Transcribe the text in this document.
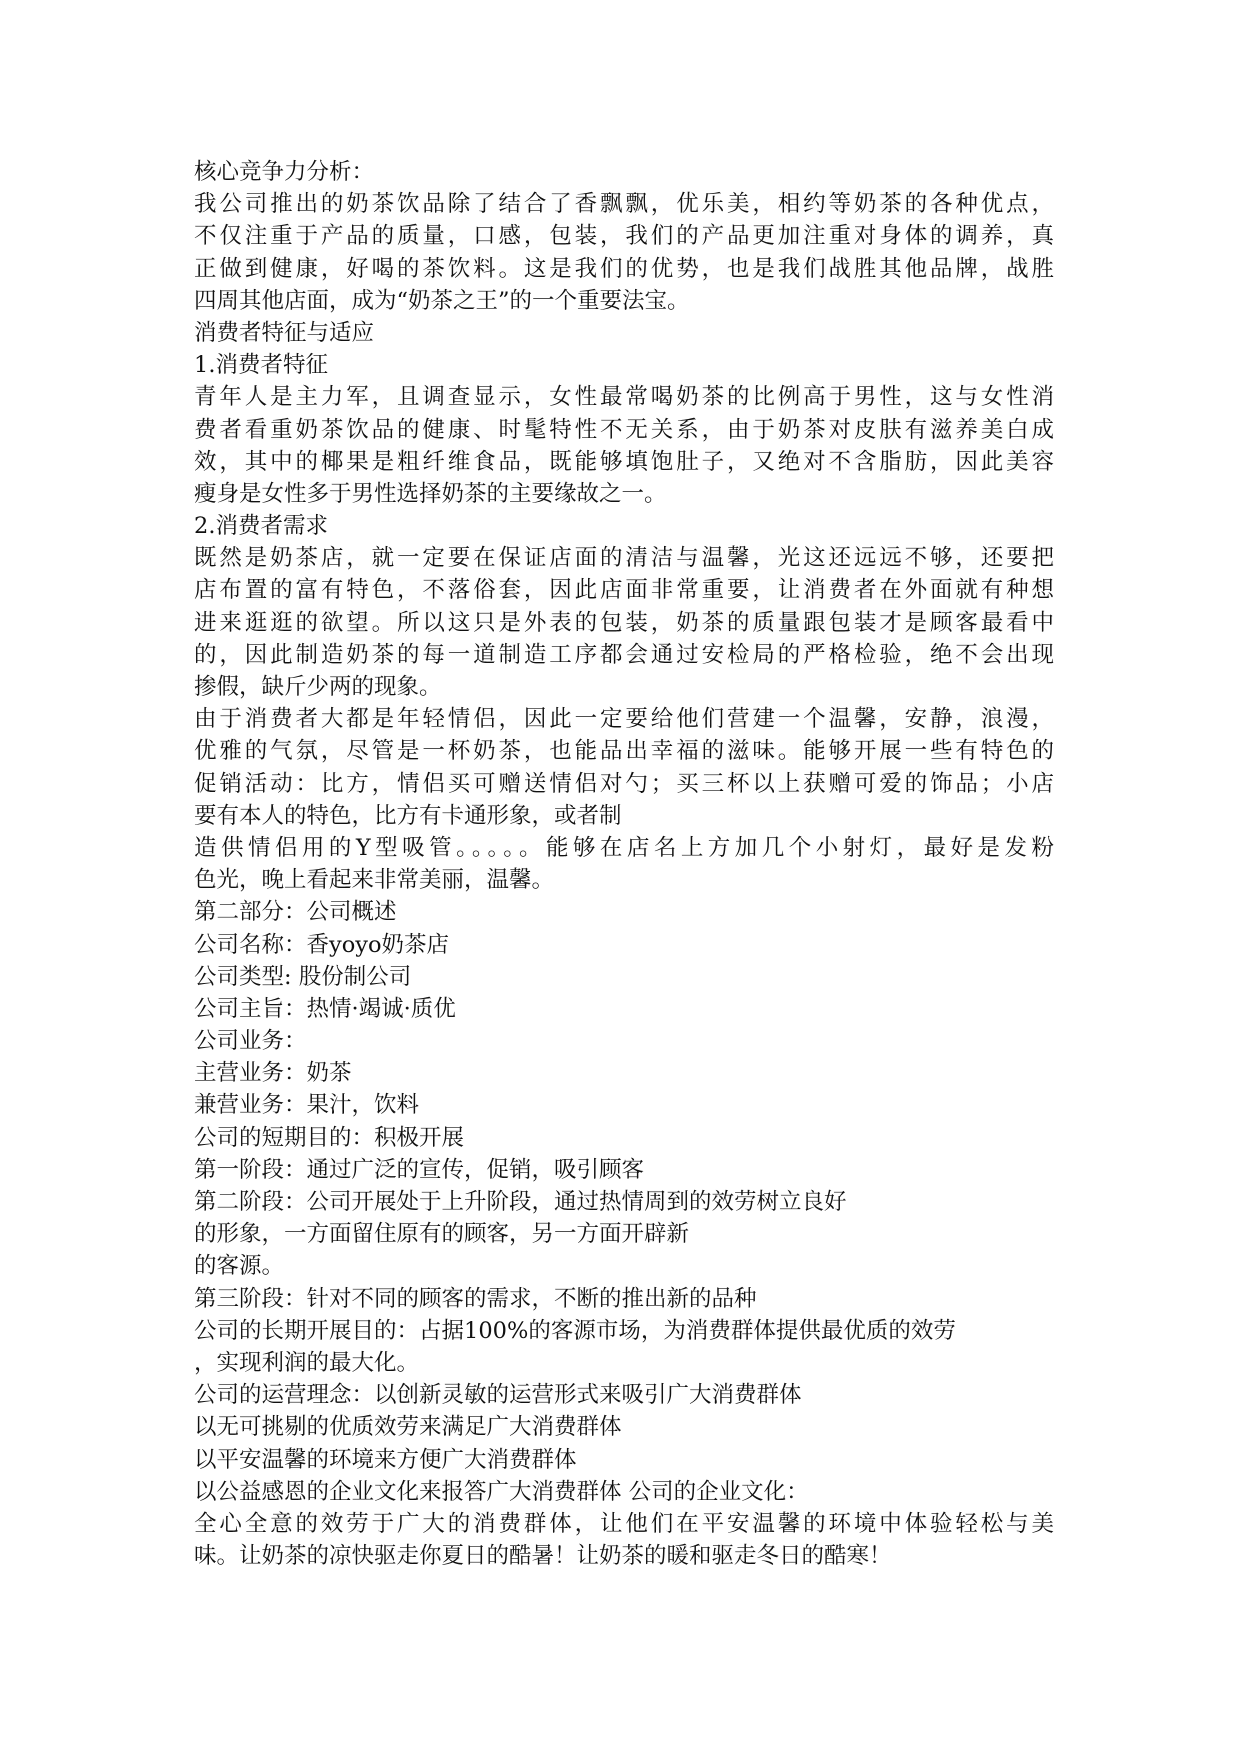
核心竞争力分析：
我公司推出的奶茶饮品除了结合了香飘飘，优乐美，相约等奶茶的各种优点，
不仅注重于产品的质量，口感，包装，我们的产品更加注重对身体的调养，真
正做到健康，好喝的茶饮料。这是我们的优势，也是我们战胜其他品牌，战胜
四周其他店面，成为“奶茶之王”的一个重要法宝。
消费者特征与适应
1.消费者特征
青年人是主力军，且调查显示，女性最常喝奶茶的比例高于男性，这与女性消
费者看重奶茶饮品的健康、时髦特性不无关系，由于奶茶对皮肤有滋养美白成
效，其中的椰果是粗纤维食品，既能够填饱肚子，又绝对不含脂肪，因此美容
瘦身是女性多于男性选择奶茶的主要缘故之一。
2.消费者需求
既然是奶茶店，就一定要在保证店面的清洁与温馨，光这还远远不够，还要把
店布置的富有特色，不落俗套，因此店面非常重要，让消费者在外面就有种想
进来逛逛的欲望。所以这只是外表的包装，奶茶的质量跟包装才是顾客最看中
的，因此制造奶茶的每一道制造工序都会通过安检局的严格检验，绝不会出现
掺假，缺斤少两的现象。
由于消费者大都是年轻情侣，因此一定要给他们营建一个温馨，安静，浪漫，
优雅的气氛，尽管是一杯奶茶，也能品出幸福的滋味。能够开展一些有特色的
促销活动：比方，情侣买可赠送情侣对勺；买三杯以上获赠可爱的饰品；小店
要有本人的特色，比方有卡通形象，或者制
造供情侣用的Y型吸管。。。。。能够在店名上方加几个小射灯，最好是发粉
色光，晚上看起来非常美丽，温馨。
第二部分：公司概述
公司名称：香yoyo奶茶店
公司类型: 股份制公司
公司主旨：热情·竭诚·质优
公司业务：
主营业务：奶茶
兼营业务：果汁，饮料
公司的短期目的：积极开展
第一阶段：通过广泛的宣传，促销，吸引顾客
第二阶段：公司开展处于上升阶段，通过热情周到的效劳树立良好
的形象，一方面留住原有的顾客，另一方面开辟新
的客源。
第三阶段：针对不同的顾客的需求，不断的推出新的品种
公司的长期开展目的：占据100%的客源市场，为消费群体提供最优质的效劳
，实现利润的最大化。
公司的运营理念：以创新灵敏的运营形式来吸引广大消费群体
以无可挑剔的优质效劳来满足广大消费群体
以平安温馨的环境来方便广大消费群体
以公益感恩的企业文化来报答广大消费群体 公司的企业文化：
全心全意的效劳于广大的消费群体，让他们在平安温馨的环境中体验轻松与美
味。让奶茶的凉快驱走你夏日的酷暑！让奶茶的暖和驱走冬日的酷寒！
